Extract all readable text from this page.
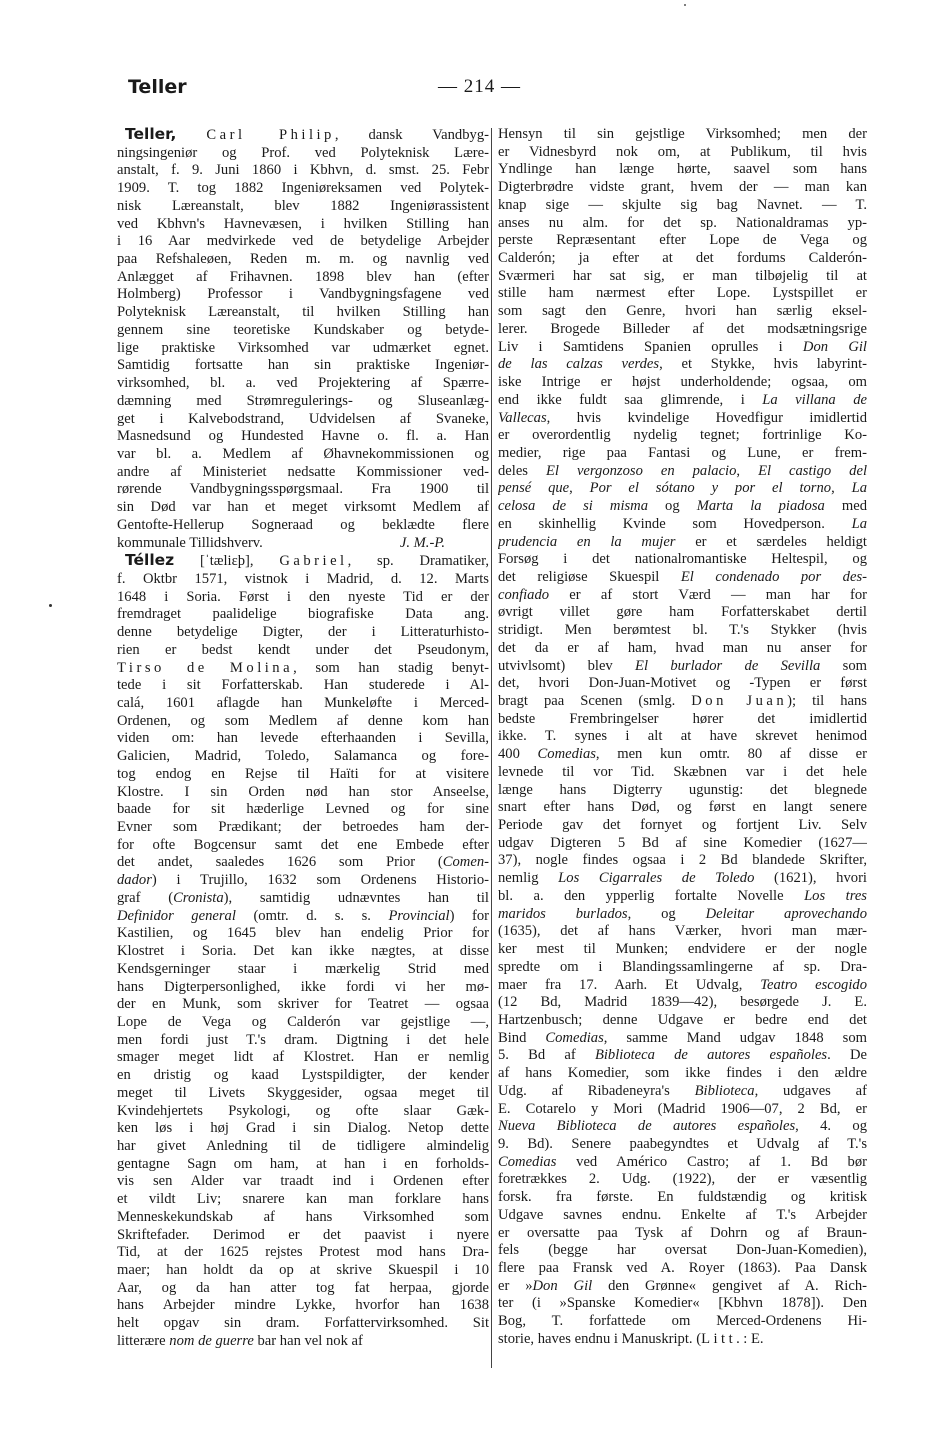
Teller	— 214 —
Teller, Carl Philip, dansk Vandbyg-
ningsingeniør og Prof. ved Polyteknisk Lære-
anstalt, f. 9. Juni 1860 i Kbhvn, d. smst. 25. Febr
1909. T. tog 1882 Ingeniøreksamen ved Polytek-
nisk Læreanstalt, blev 1882 Ingeniørassistent
ved Kbhvn's Havnevæsen, i hvilken Stilling han
i 16 Aar medvirkede ved de betydelige Arbejder
paa Refshaleøen, Reden m. m. og navnlig ved
Anlægget af Frihavnen. 1898 blev han (efter
Holmberg) Professor i Vandbygningsfagene ved
Polyteknisk Læreanstalt, til hvilken Stilling han
gennem sine teoretiske Kundskaber og betyde-
lige praktiske Virksomhed var udmærket egnet.
Samtidig fortsatte han sin praktiske Ingeniør-
virksomhed, bl. a. ved Projektering af Spærre-
dæmning med Strømregulerings- og Sluseanlæg-
get i Kalvebodstrand, Udvidelsen af Svaneke,
Masnedsund og Hundested Havne o. fl. a. Han
var bl. a. Medlem af Øhavnekommissionen og
andre af Ministeriet nedsatte Kommissioner ved-
rørende Vandbygningsspørgsmaal. Fra 1900 til
sin Død var han et meget virksomt Medlem af
Gentofte-Hellerup Sogneraad og beklædte flere
kommunale Tillidshverv.	J. M.-P.
Téllez [ˈtæliɛþ], Gabriel, sp. Dramatiker,
f. Oktbr 1571, vistnok i Madrid, d. 12. Marts
1648 i Soria. Først i den nyeste Tid er der
fremdraget paalidelige biografiske Data ang.
denne betydelige Digter, der i Litteraturhisto-
rien er bedst kendt under det Pseudonym,
Tirso de Molina, som han stadig benyt-
tede i sit Forfatterskab. Han studerede i Al-
calá, 1601 aflagde han Munkeløfte i Merced-
Ordenen, og som Medlem af denne kom han
viden om: han levede efterhaanden i Sevilla,
Galicien, Madrid, Toledo, Salamanca og fore-
tog endog en Rejse til Haïti for at visitere
Klostre. I sin Orden nød han stor Anseelse,
baade for sit hæderlige Levned og for sine
Evner som Prædikant; der betroedes ham der-
for ofte Bogcensur samt det ene Embede efter
det andet, saaledes 1626 som Prior (Comen-
dador) i Trujillo, 1632 som Ordenens Historio-
graf (Cronista), samtidig udnævntes han til
Definidor general (omtr. d. s. s. Provincial) for
Kastilien, og 1645 blev han endelig Prior for
Klostret i Soria. Det kan ikke nægtes, at disse
Kendsgerninger staar i mærkelig Strid med
hans Digterpersonlighed, ikke fordi vi her mø-
der en Munk, som skriver for Teatret — ogsaa
Lope de Vega og Calderón var gejstlige —,
men fordi just T.'s dram. Digtning i det hele
smager meget lidt af Klostret. Han er nemlig
en dristig og kaad Lystspildigter, der kender
meget til Livets Skyggesider, ogsaa meget til
Kvindehjertets Psykologi, og ofte slaar Gæk-
ken løs i høj Grad i sin Dialog. Netop dette
har givet Anledning til de tidligere almindelig
gentagne Sagn om ham, at han i en forholds-
vis sen Alder var traadt ind i Ordenen efter
et vildt Liv; snarere kan man forklare hans
Menneskekundskab af hans Virksomhed som
Skriftefader. Derimod er det paavist i nyere
Tid, at der 1625 rejstes Protest mod hans Dra-
maer; han holdt da op at skrive Skuespil i 10
Aar, og da han atter tog fat herpaa, gjorde
hans Arbejder mindre Lykke, hvorfor han 1638
helt opgav sin dram. Forfattervirksomhed. Sit
litterære nom de guerre bar han vel nok af
Hensyn til sin gejstlige Virksomhed; men der
er Vidnesbyrd nok om, at Publikum, til hvis
Yndlinge han længe hørte, saavel som hans
Digterbrødre vidste grant, hvem der — man kan
knap sige — skjulte sig bag Navnet. — T.
anses nu alm. for det sp. Nationaldramas yp-
perste Repræsentant efter Lope de Vega og
Calderón; ja efter at det fordums Calderón-
Sværmeri har sat sig, er man tilbøjelig til at
stille ham nærmest efter Lope. Lystspillet er
som sagt den Genre, hvori han særlig eksel-
lerer. Brogede Billeder af det modsætningsrige
Liv i Samtidens Spanien oprulles i Don Gil
de las calzas verdes, et Stykke, hvis labyrint-
iske Intrige er højst underholdende; ogsaa, om
end ikke fuldt saa glimrende, i La villana de
Vallecas, hvis kvindelige Hovedfigur imidlertid
er overordentlig nydelig tegnet; fortrinlige Ko-
medier, rige paa Fantasi og Lune, er frem-
deles El vergonzoso en palacio, El castigo del
pensé que, Por el sótano y por el torno, La
celosa de si misma og Marta la piadosa med
en skinhellig Kvinde som Hovedperson. La
prudencia en la mujer er et særdeles heldigt
Forsøg i det nationalromantiske Heltespil, og
det religiøse Skuespil El condenado por des-
confiado er af stort Værd — man har for
øvrigt villet gøre ham Forfatterskabet dertil
stridigt. Men berømtest bl. T.'s Stykker (hvis
det da er af ham, hvad man nu anser for
utvivlsomt) blev El burlador de Sevilla som
det, hvori Don-Juan-Motivet og -Typen er først
bragt paa Scenen (smlg. Don Juan); til hans
bedste Frembringelser hører det imidlertid
ikke. T. synes i alt at have skrevet henimod
400 Comedias, men kun omtr. 80 af disse er
levnede til vor Tid. Skæbnen var i det hele
længe hans Digterry ugunstig: det blegnede
snart efter hans Død, og først en langt senere
Periode gav det fornyet og fortjent Liv. Selv
udgav Digteren 5 Bd af sine Komedier (1627—
37), nogle findes ogsaa i 2 Bd blandede Skrifter,
nemlig Los Cigarrales de Toledo (1621), hvori
bl. a. den ypperlig fortalte Novelle Los tres
maridos burlados, og Deleitar aprovechando
(1635), det af hans Værker, hvori man mær-
ker mest til Munken; endvidere er der nogle
spredte om i Blandingssamlingerne af sp. Dra-
maer fra 17. Aarh. Et Udvalg, Teatro escogido
(12 Bd, Madrid 1839—42), besørgede J. E.
Hartzenbusch; denne Udgave er bedre end det
Bind Comedias, samme Mand udgav 1848 som
5. Bd af Biblioteca de autores españoles. De
af hans Komedier, som ikke findes i den ældre
Udg. af Ribadeneyra's Biblioteca, udgaves af
E. Cotarelo y Mori (Madrid 1906—07, 2 Bd, er
Nueva Biblioteca de autores españoles, 4. og
9. Bd). Senere paabegyndtes et Udvalg af T.'s
Comedias ved Américo Castro; af 1. Bd bør
foretrækkes 2. Udg. (1922), der er væsentlig
forsk. fra første. En fuldstændig og kritisk
Udgave savnes endnu. Enkelte af T.'s Arbejder
er oversatte paa Tysk af Dohrn og af Braun-
fels (begge har oversat Don-Juan-Komedien),
flere paa Fransk ved A. Royer (1863). Paa Dansk
er »Don Gil den Grønne« gengivet af A. Rich-
ter (i »Spanske Komedier« [Kbhvn 1878]). Den
Bog, T. forfattede om Merced-Ordenens Hi-
storie, haves endnu i Manuskript. (Litt.: E.
